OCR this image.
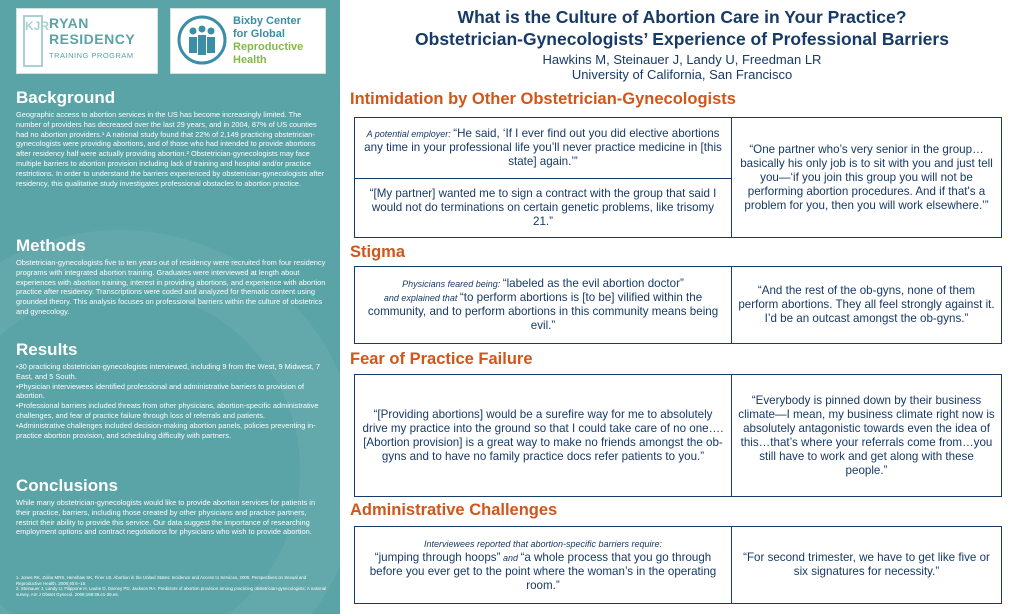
KJR RYAN
RESIDENCY
TRAINING PROGRAM
Bixby Center
for Global
Reproductive
Health
Background

Geographic access to abortion services in the US has become increasingly limited. The number of providers has decreased over the last 29 years, and in 2004, 87% of US counties had no abortion providers.¹ A national study found that 22% of 2,149 practicing obstetrician-gynecologists were providing abortions, and of those who had intended to provide abortions after residency half were actually providing abortion.² Obstetrician-gynecologists may face multiple barriers to abortion provision including lack of training and hospital and/or practice restrictions. In order to understand the barriers experienced by obstetrician-gynecologists after residency, this qualitative study investigates professional obstacles to abortion practice.

Methods

Obstetrician-gynecologists five to ten years out of residency were recruited from four residency programs with integrated abortion training. Graduates were interviewed at length about experiences with abortion training, interest in providing abortions, and experience with abortion practice after residency. Transcriptions were coded and analyzed for thematic content using grounded theory. This analysis focuses on professional barriers within the culture of obstetrics and gynecology.

Results
•30 practicing obstetrician-gynecologists interviewed, including 9 from the West, 9 Midwest, 7 East, and 5 South.
•Physician interviewees identified professional and administrative barriers to provision of abortion.
•Professional barriers included threats from other physicians, abortion-specific administrative challenges, and fear of practice failure through loss of referrals and patients.
•Administrative challenges included decision-making abortion panels, policies preventing in-practice abortion provision, and scheduling difficulty with partners.
Conclusions

While many obstetrician-gynecologists would like to provide abortion services for patients in their practice, barriers, including those created by other physicians and practice partners, restrict their ability to provide this service. Our data suggest the importance of researching employment options and contract negotiations for physicians who wish to provide abortion.

1. Jones RK, Zolna MRS, Henshaw SK, Finer LB. Abortion in the United States: Incidence and Access to Services, 2005. Perspectives on Sexual and Reproductive Health. 2008;40:6–16.
2. Steinauer J, Landy U, Filippone H, Laube D, Darney PD, Jackson RA. Predictors of abortion provision among practicing obstetrician-gynecologists: A national survey. Am J Obstet Gynecol. 2008;198:39.e1-39.e6.
What is the Culture of Abortion Care in Your Practice?
Obstetrician-Gynecologists’ Experience of Professional Barriers
Hawkins M, Steinauer J, Landy U, Freedman LR
University of California, San Francisco
Intimidation by Other Obstetrician-Gynecologists
A potential employer: “He said, ‘If I ever find out you did elective abortions any time in your professional life you’ll never practice medicine in [this state] again.’”
“[My partner] wanted me to sign a contract with the group that said I would not do terminations on certain genetic problems, like trisomy 21.”
“One partner who’s very senior in the group…basically his only job is to sit with you and just tell you—‘if you join this group you will not be performing abortion procedures. And if that's a problem for you, then you will work elsewhere.’”
Stigma
Physicians feared being: “labeled as the evil abortion doctor”
and explained that “to perform abortions is [to be] vilified within the community, and to perform abortions in this community means being evil.”
“And the rest of the ob-gyns, none of them perform abortions. They all feel strongly against it. I’d be an outcast amongst the ob-gyns.”
Fear of Practice Failure
“[Providing abortions] would be a surefire way for me to absolutely drive my practice into the ground so that I could take care of no one….[Abortion provision] is a great way to make no friends amongst the ob-gyns and to have no family practice docs refer patients to you.”
“Everybody is pinned down by their business climate—I mean, my business climate right now is absolutely antagonistic towards even the idea of this…that’s where your referrals come from…you still have to work and get along with these people.”
Administrative Challenges
Interviewees reported that abortion-specific barriers require:
“jumping through hoops” and “a whole process that you go through before you ever get to the point where the woman’s in the operating room.”
“For second trimester, we have to get like five or six signatures for necessity.”
